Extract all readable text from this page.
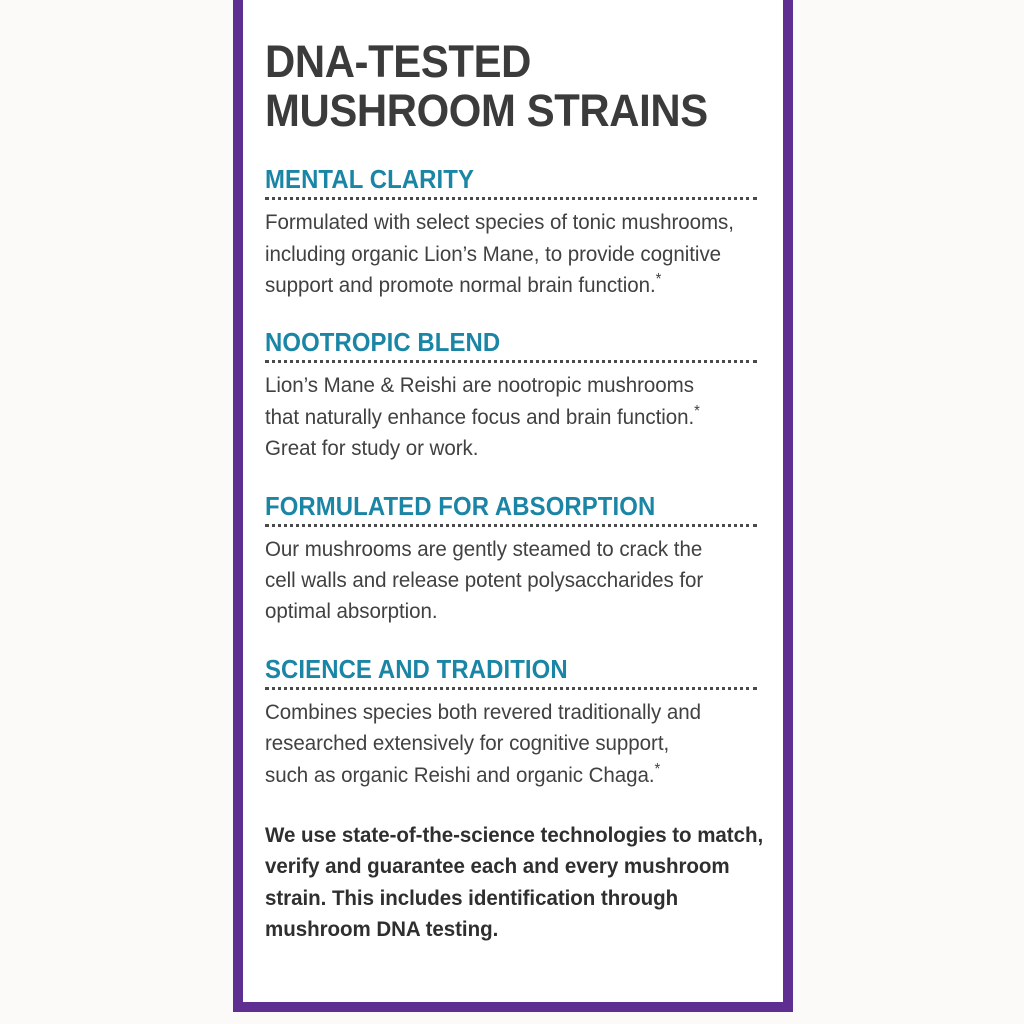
DNA-TESTED
MUSHROOM STRAINS
MENTAL CLARITY

Formulated with select species of tonic mushrooms,
including organic Lion’s Mane, to provide cognitive
support and promote normal brain function.*

NOOTROPIC BLEND

Lion’s Mane & Reishi are nootropic mushrooms
that naturally enhance focus and brain function.*
Great for study or work.

FORMULATED FOR ABSORPTION

Our mushrooms are gently steamed to crack the
cell walls and release potent polysaccharides for
optimal absorption.

SCIENCE AND TRADITION

Combines species both revered traditionally and
researched extensively for cognitive support,
such as organic Reishi and organic Chaga.*

We use state-of-the-science technologies to match,
verify and guarantee each and every mushroom
strain. This includes identification through
mushroom DNA testing.
